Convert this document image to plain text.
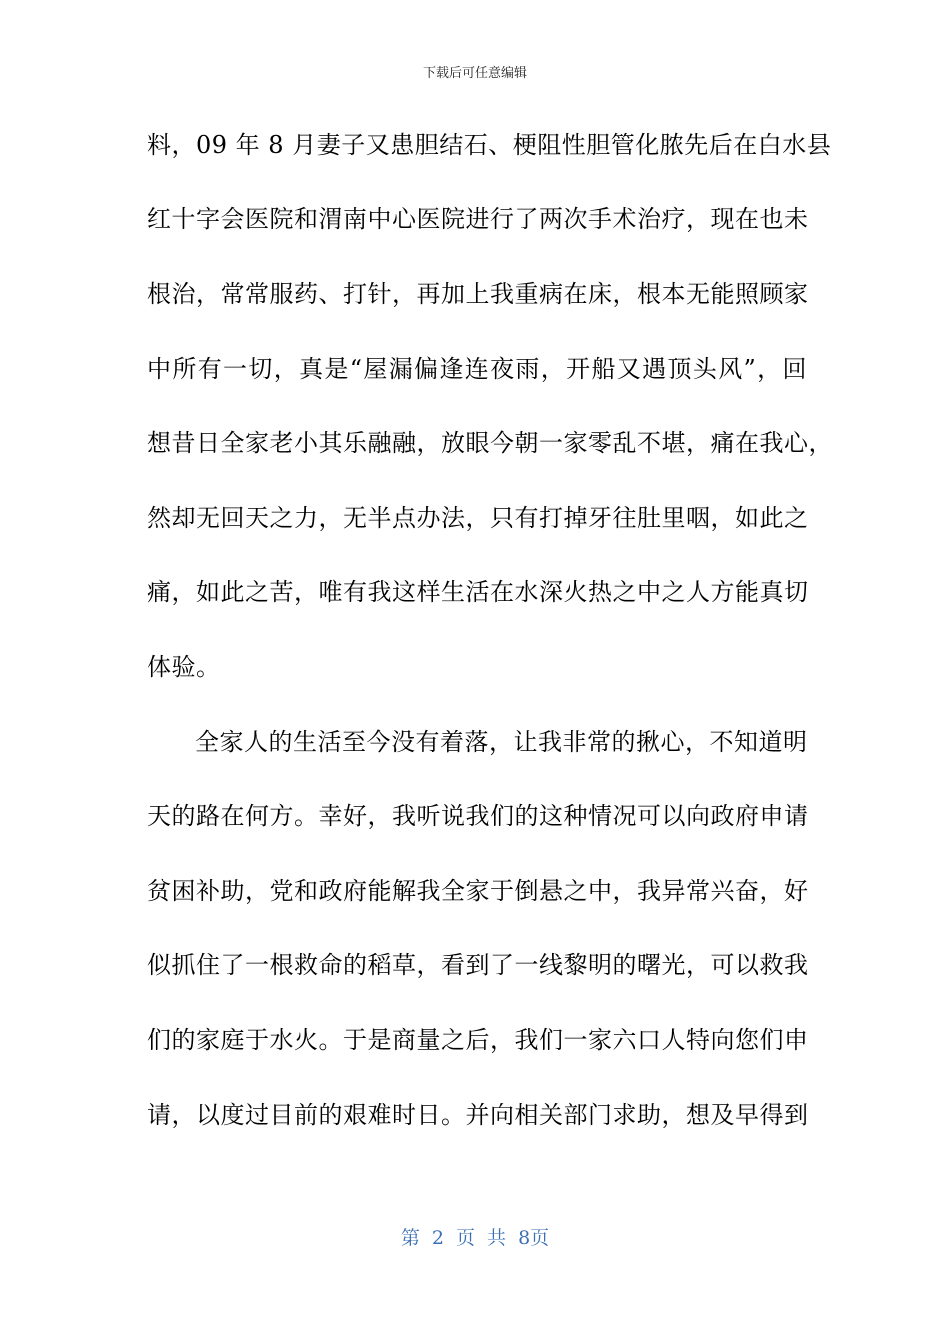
下载后可任意编辑
料，09 年 8 月妻子又患胆结石、梗阻性胆管化脓先后在白水县
红十字会医院和渭南中心医院进行了两次手术治疗，现在也未
根治，常常服药、打针，再加上我重病在床，根本无能照顾家
中所有一切，真是“屋漏偏逢连夜雨，开船又遇顶头风”，回
想昔日全家老小其乐融融，放眼今朝一家零乱不堪，痛在我心，
然却无回天之力，无半点办法，只有打掉牙往肚里咽，如此之
痛，如此之苦，唯有我这样生活在水深火热之中之人方能真切
体验。
全家人的生活至今没有着落，让我非常的揪心，不知道明
天的路在何方。幸好，我听说我们的这种情况可以向政府申请
贫困补助，党和政府能解我全家于倒悬之中，我异常兴奋，好
似抓住了一根救命的稻草，看到了一线黎明的曙光，可以救我
们的家庭于水火。于是商量之后，我们一家六口人特向您们申
请，以度过目前的艰难时日。并向相关部门求助，想及早得到
第 2 页 共 8页
